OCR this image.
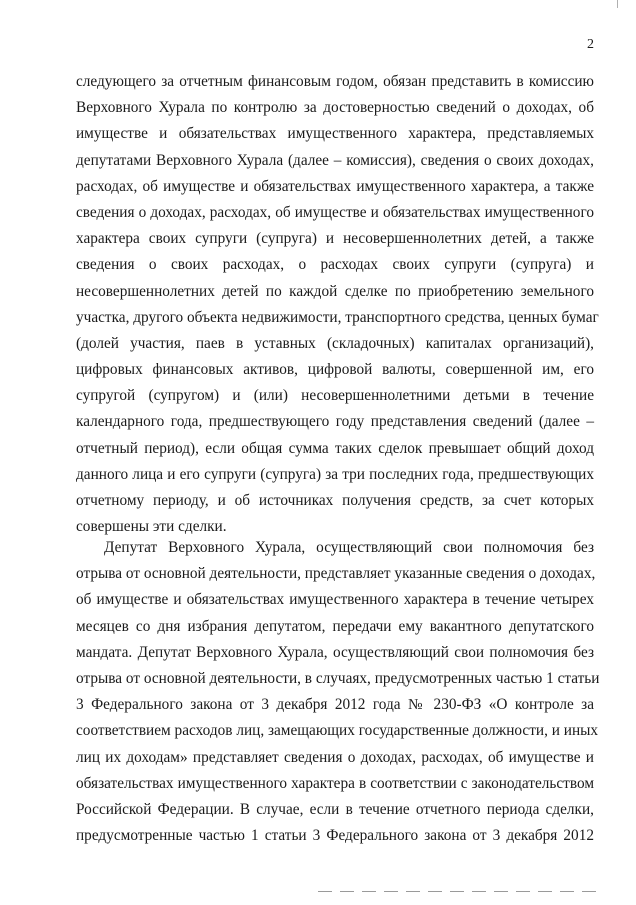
2
следующего за отчетным финансовым годом, обязан представить в комиссию
Верховного Хурала по контролю за достоверностью сведений о доходах, об
имуществе и обязательствах имущественного характера, представляемых
депутатами Верховного Хурала (далее – комиссия), сведения о своих доходах,
расходах, об имуществе и обязательствах имущественного характера, а также
сведения о доходах, расходах, об имуществе и обязательствах имущественного
характера своих супруги (супруга) и несовершеннолетних детей, а также
сведения о своих расходах, о расходах своих супруги (супруга) и
несовершеннолетних детей по каждой сделке по приобретению земельного
участка, другого объекта недвижимости, транспортного средства, ценных бумаг
(долей участия, паев в уставных (складочных) капиталах организаций),
цифровых финансовых активов, цифровой валюты, совершенной им, его
супругой (супругом) и (или) несовершеннолетними детьми в течение
календарного года, предшествующего году представления сведений (далее –
отчетный период), если общая сумма таких сделок превышает общий доход
данного лица и его супруги (супруга) за три последних года, предшествующих
отчетному периоду, и об источниках получения средств, за счет которых
совершены эти сделки.
Депутат Верховного Хурала, осуществляющий свои полномочия без
отрыва от основной деятельности, представляет указанные сведения о доходах,
об имуществе и обязательствах имущественного характера в течение четырех
месяцев со дня избрания депутатом, передачи ему вакантного депутатского
мандата. Депутат Верховного Хурала, осуществляющий свои полномочия без
отрыва от основной деятельности, в случаях, предусмотренных частью 1 статьи
3 Федерального закона от 3 декабря 2012 года № 230-ФЗ «О контроле за
соответствием расходов лиц, замещающих государственные должности, и иных
лиц их доходам» представляет сведения о доходах, расходах, об имуществе и
обязательствах имущественного характера в соответствии с законодательством
Российской Федерации. В случае, если в течение отчетного периода сделки,
предусмотренные частью 1 статьи 3 Федерального закона от 3 декабря 2012
